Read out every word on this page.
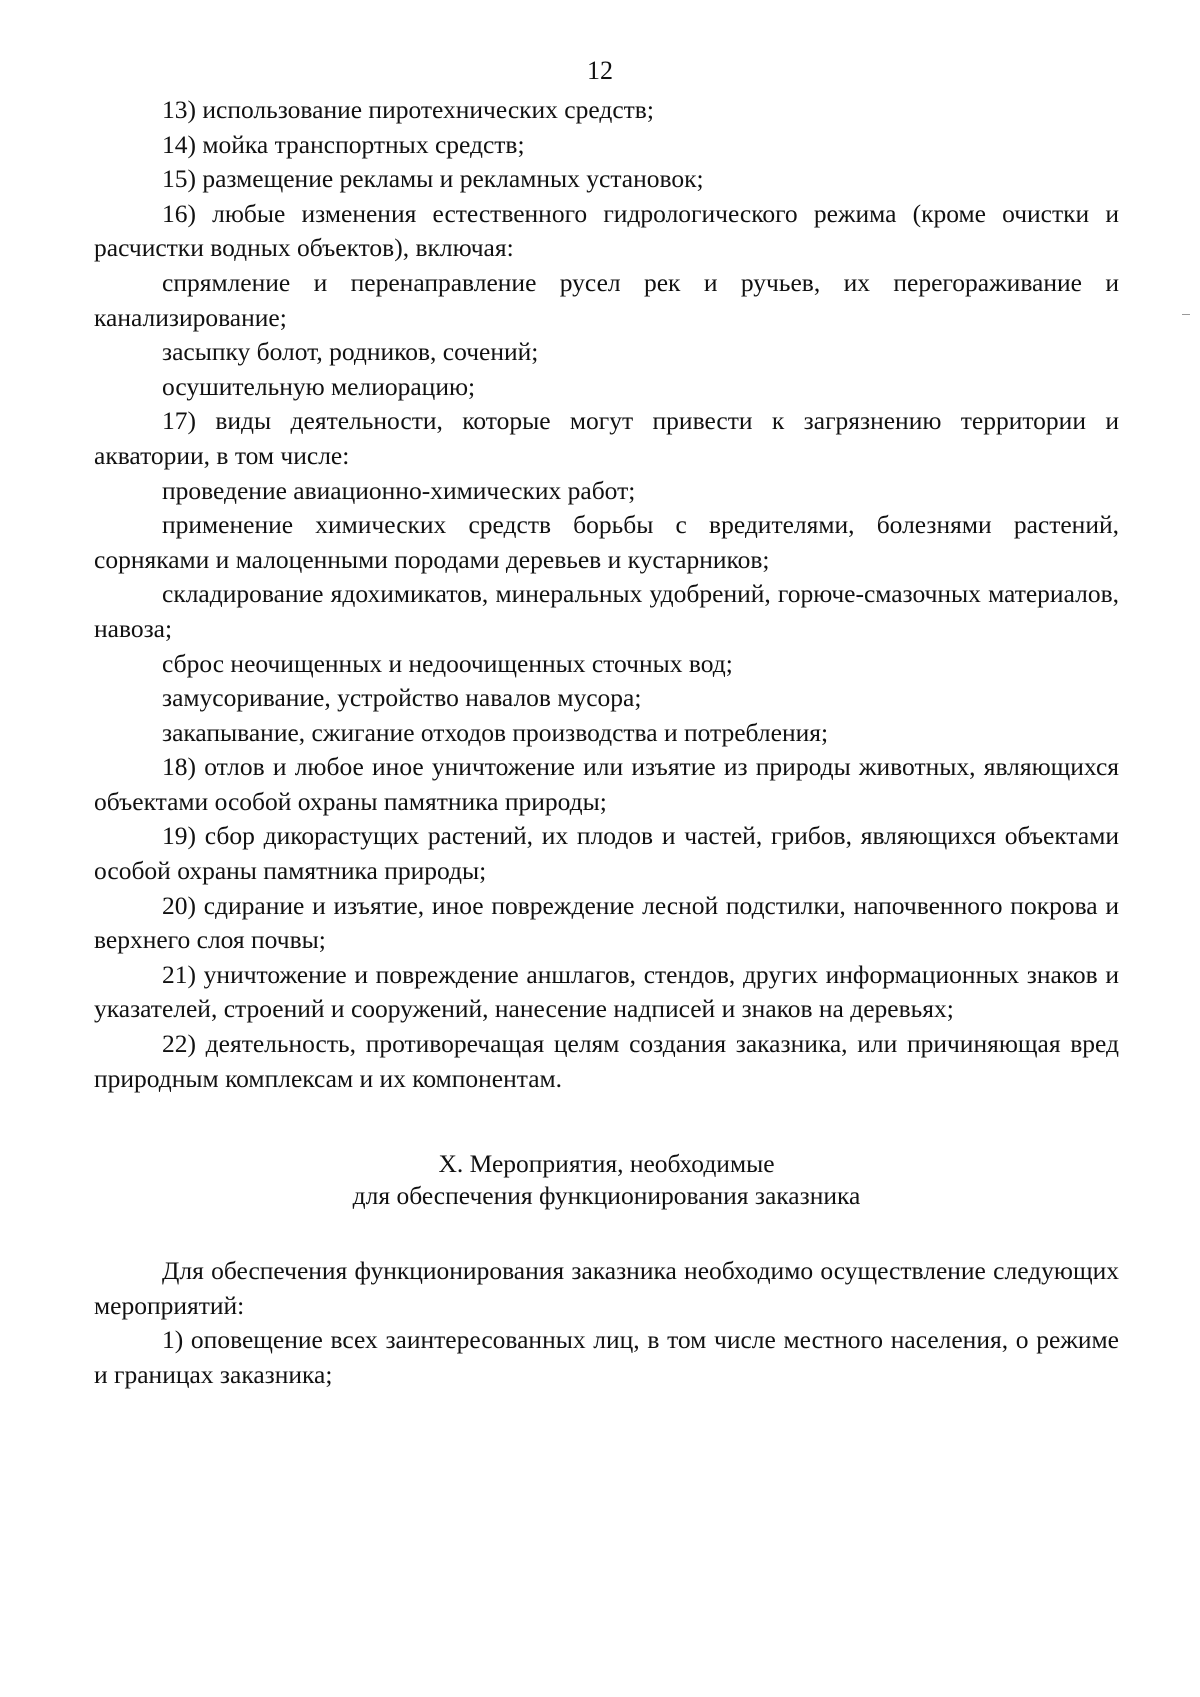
12

13) использование пиротехнических средств;

14) мойка транспортных средств;

15) размещение рекламы и рекламных установок;

16) любые изменения естественного гидрологического режима (кроме очистки и расчистки водных объектов), включая:

спрямление и перенаправление русел рек и ручьев, их перегораживание и канализирование;

засыпку болот, родников, сочений;

осушительную мелиорацию;

17) виды деятельности, которые могут привести к загрязнению территории и акватории, в том числе:

проведение авиационно-химических работ;

применение химических средств борьбы с вредителями, болезнями растений, сорняками и малоценными породами деревьев и кустарников;

складирование ядохимикатов, минеральных удобрений, горюче-смазочных материалов, навоза;

сброс неочищенных и недоочищенных сточных вод;

замусоривание, устройство навалов мусора;

закапывание, сжигание отходов производства и потребления;

18) отлов и любое иное уничтожение или изъятие из природы животных, являющихся объектами особой охраны памятника природы;

19) сбор дикорастущих растений, их плодов и частей, грибов, являющихся объектами особой охраны памятника природы;

20) сдирание и изъятие, иное повреждение лесной подстилки, напочвенного покрова и верхнего слоя почвы;

21) уничтожение и повреждение аншлагов, стендов, других информационных знаков и указателей, строений и сооружений, нанесение надписей и знаков на деревьях;

22) деятельность, противоречащая целям создания заказника, или причиняющая вред природным комплексам и их компонентам.

X. Мероприятия, необходимые
для обеспечения функционирования заказника

Для обеспечения функционирования заказника необходимо осуществление следующих мероприятий:

1) оповещение всех заинтересованных лиц, в том числе местного населения, о режиме и границах заказника;
